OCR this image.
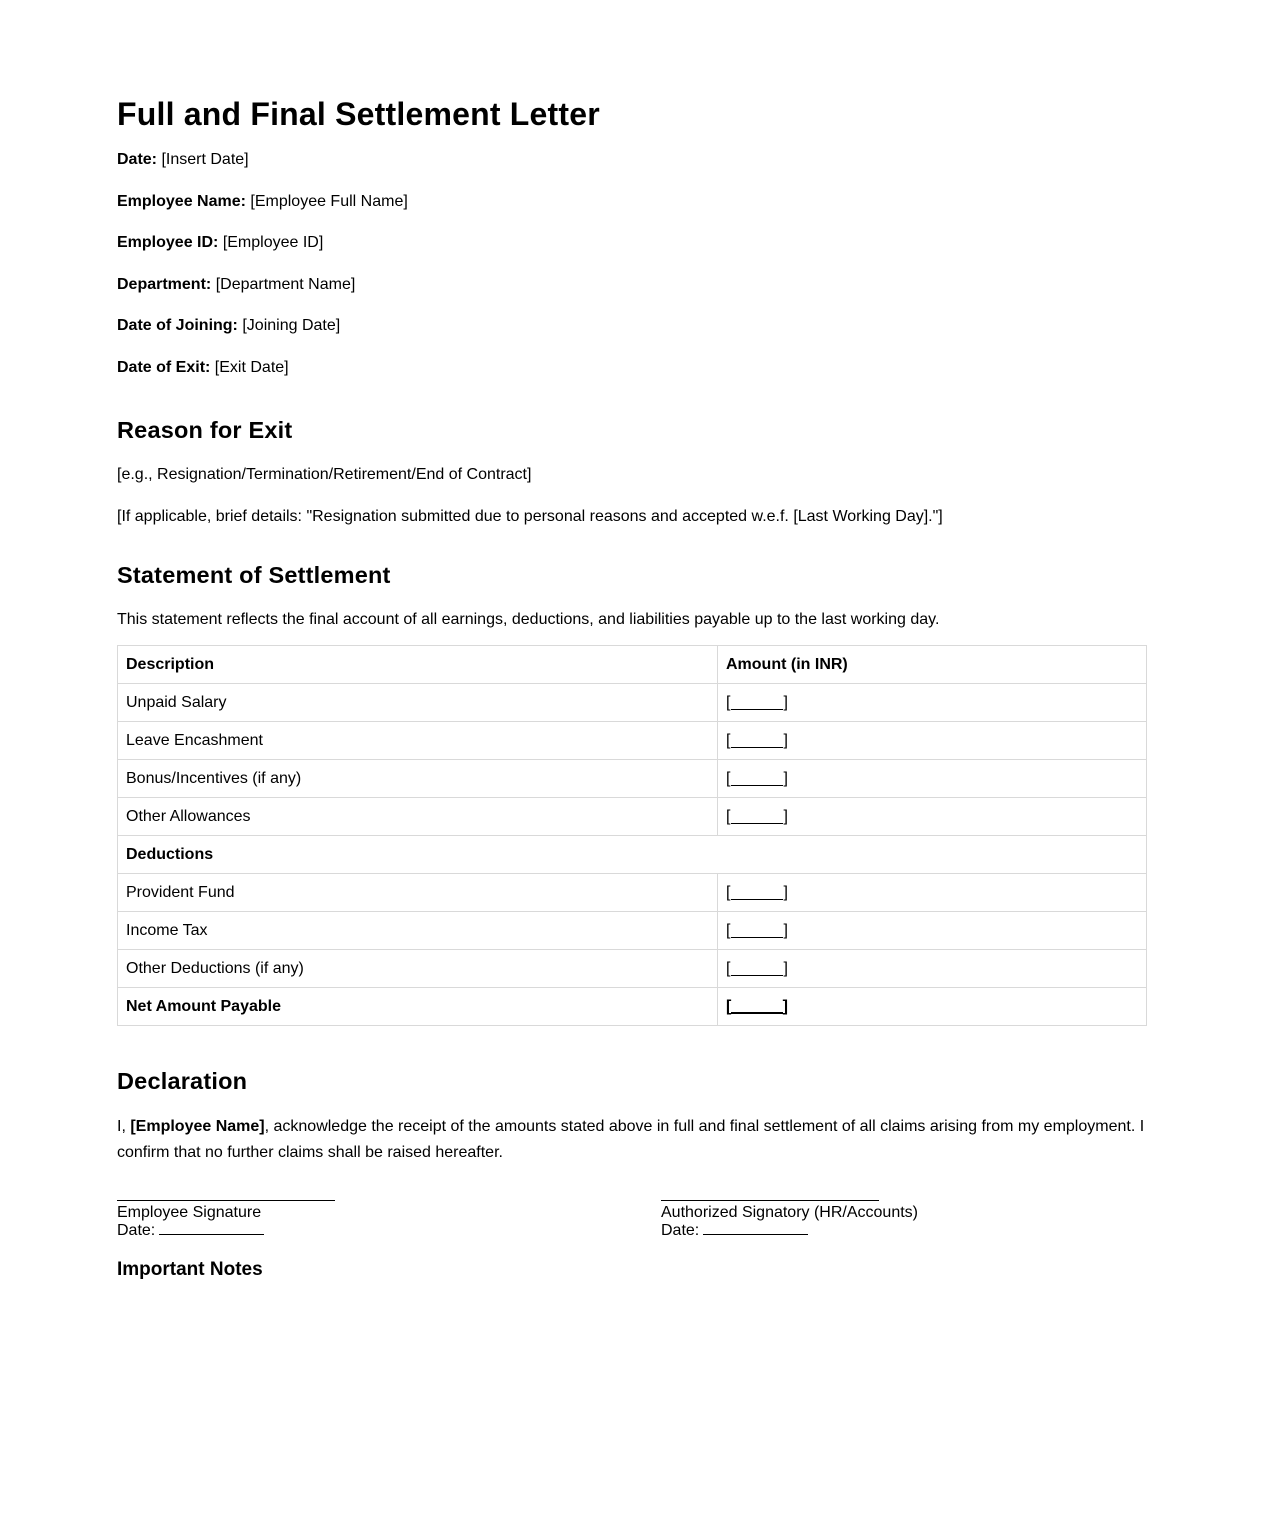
Full and Final Settlement Letter
Date: [Insert Date]
Employee Name: [Employee Full Name]
Employee ID: [Employee ID]
Department: [Department Name]
Date of Joining: [Joining Date]
Date of Exit: [Exit Date]
Reason for Exit

[e.g., Resignation/Termination/Retirement/End of Contract]

[If applicable, brief details: "Resignation submitted due to personal reasons and accepted w.e.f. [Last Working Day]."]

Statement of Settlement

This statement reflects the final account of all earnings, deductions, and liabilities payable up to the last working day.

Description	Amount (in INR)
Unpaid Salary	[ ]

Leave Encashment	[ ]

Bonus/Incentives (if any)	[ ]

Other Allowances	[ ]

Deductions	
Provident Fund	[ ]

Income Tax	[ ]

Other Deductions (if any)	[ ]

Net Amount Payable	[ ]
Declaration
I, [Employee Name], acknowledge the receipt of the amounts stated above in full and final settlement of all claims arising from my employment. I confirm that no further claims shall be raised hereafter.
Employee Signature
Date:
Authorized Signatory (HR/Accounts)
Date:
Important Notes
